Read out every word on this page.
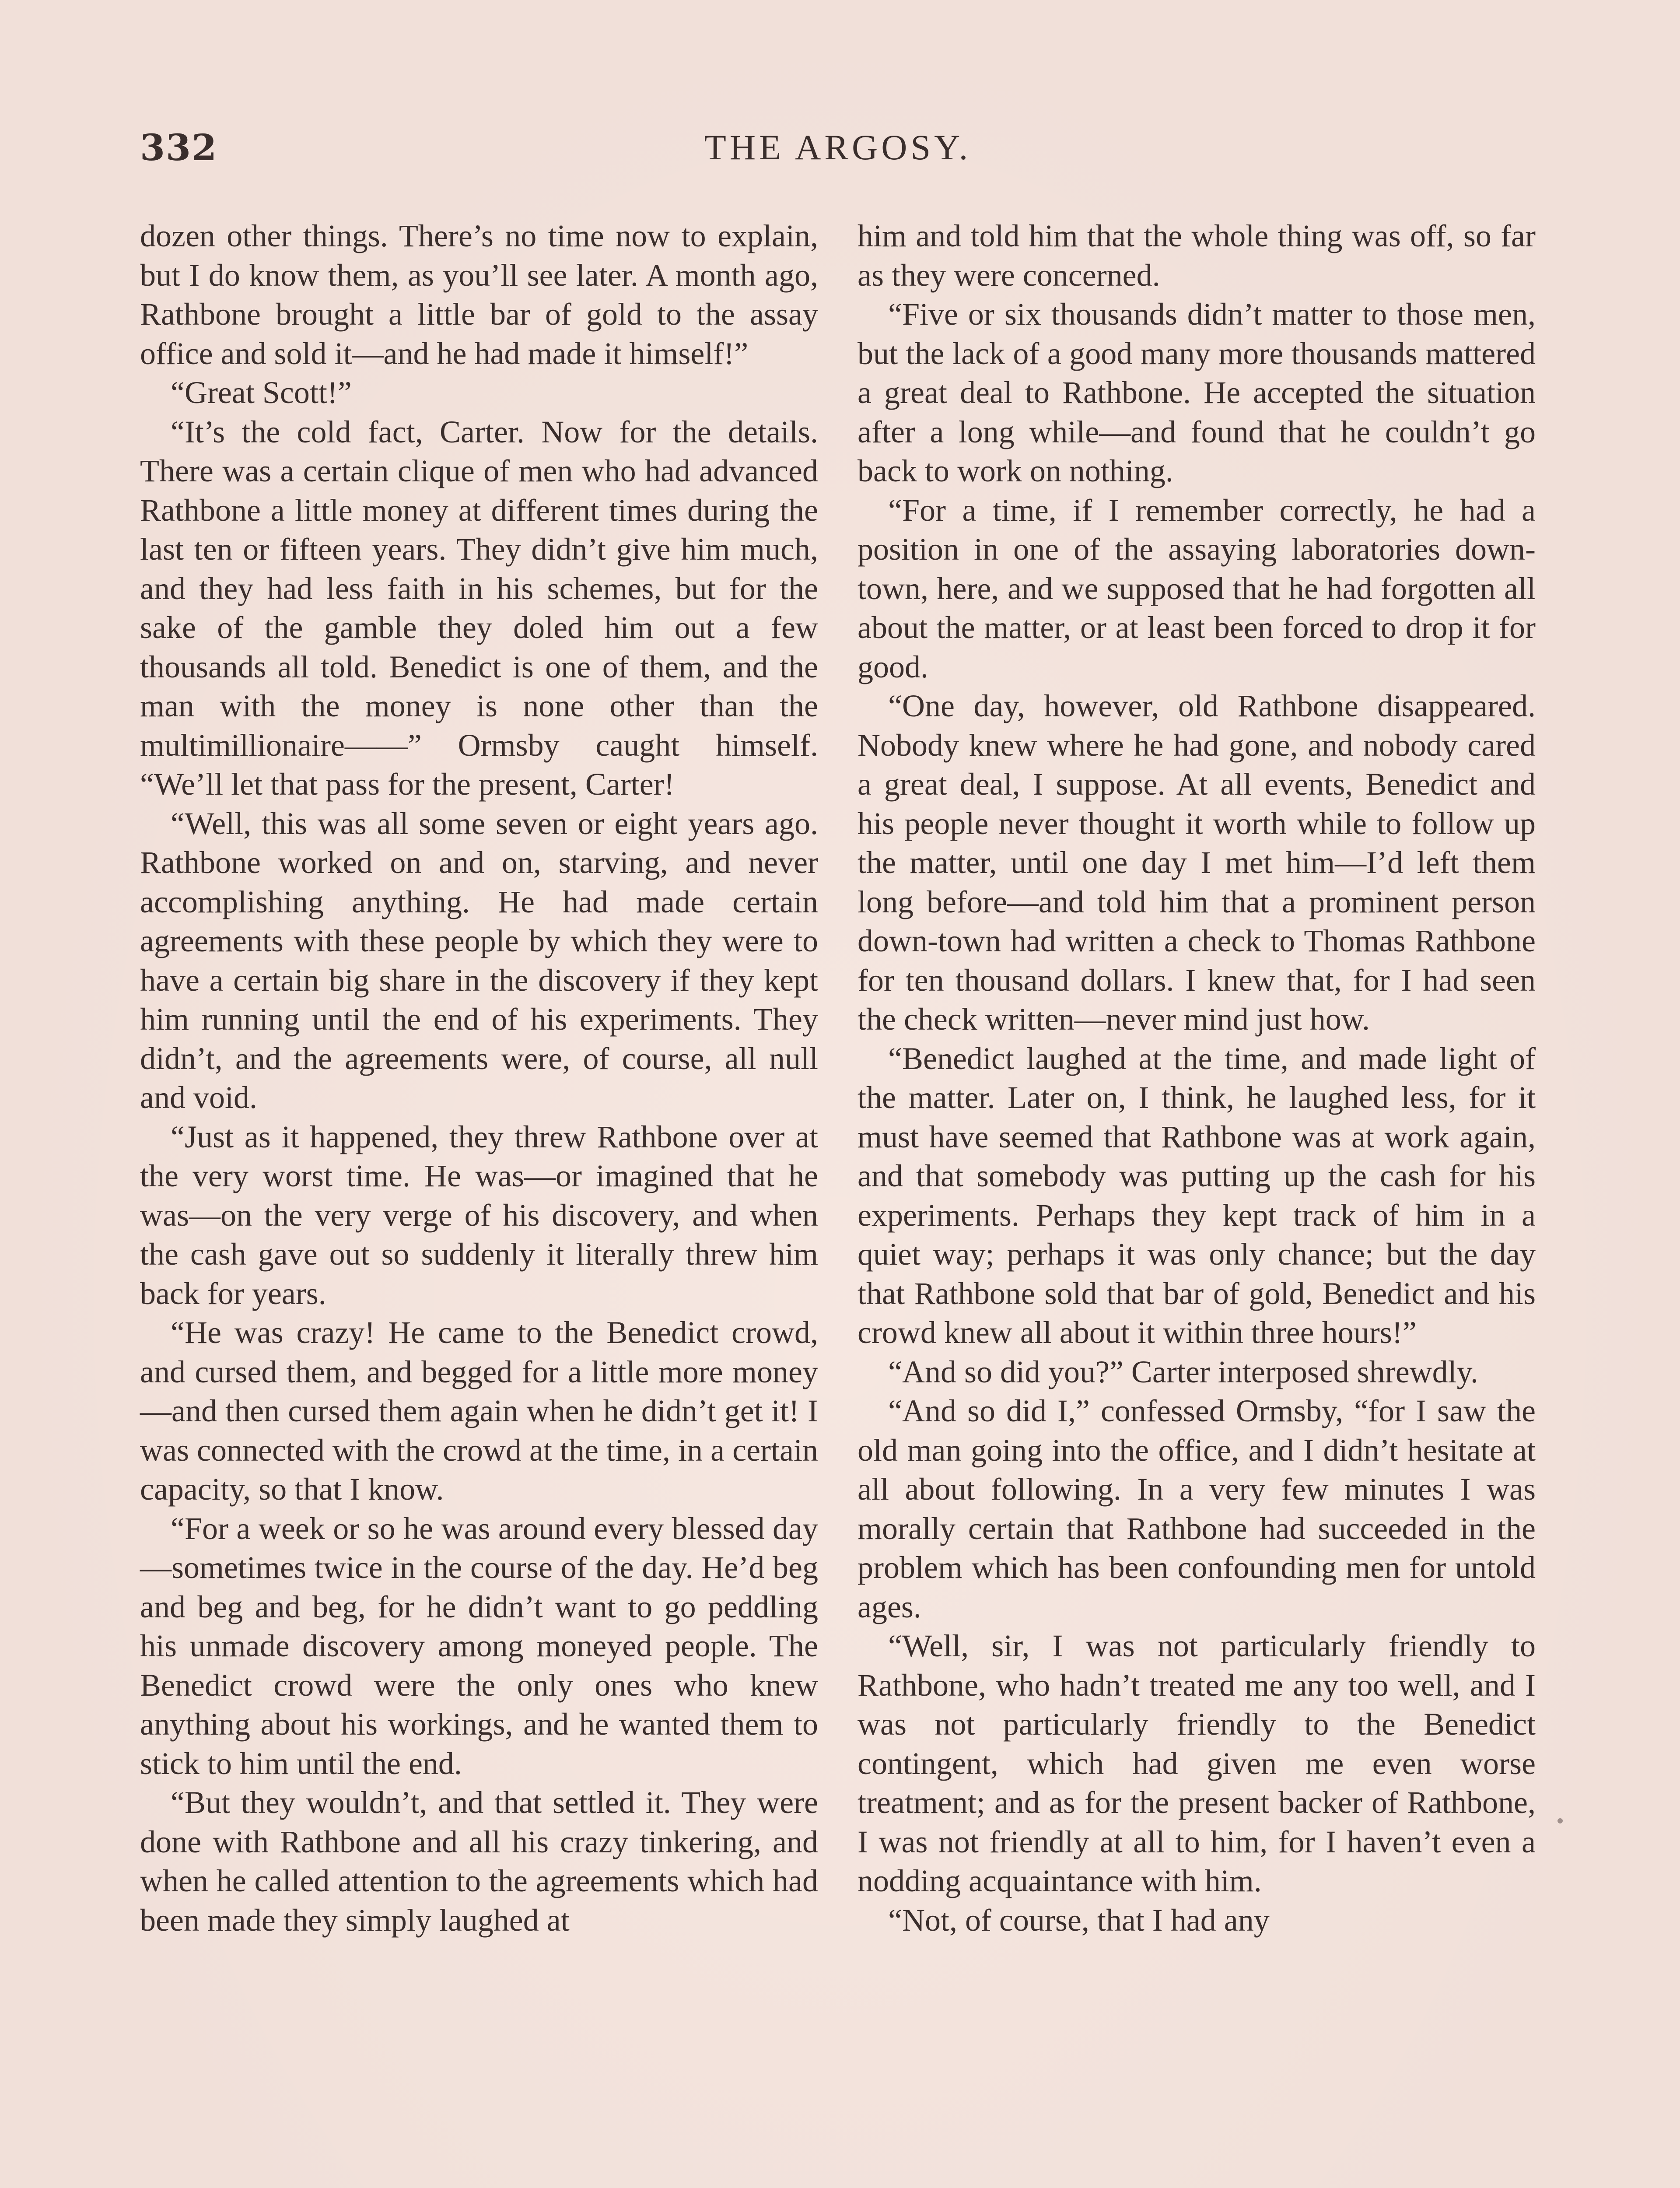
332	THE ARGOSY.

dozen other things. There’s no time now to explain, but I do know them, as you’ll see later. A month ago, Rathbone brought a little bar of gold to the assay office and sold it—and he had made it himself!”

“Great Scott!”

“It’s the cold fact, Carter. Now for the details. There was a certain clique of men who had advanced Rathbone a little money at different times during the last ten or fifteen years. They didn’t give him much, and they had less faith in his schemes, but for the sake of the gamble they doled him out a few thousands all told. Benedict is one of them, and the man with the money is none other than the multimillionaire——” Ormsby caught himself. “We’ll let that pass for the present, Carter!

“Well, this was all some seven or eight years ago. Rathbone worked on and on, starving, and never accomplishing anything. He had made certain agreements with these people by which they were to have a certain big share in the discovery if they kept him running until the end of his experiments. They didn’t, and the agreements were, of course, all null and void.

“Just as it happened, they threw Rathbone over at the very worst time. He was—or imagined that he was—on the very verge of his discovery, and when the cash gave out so suddenly it literally threw him back for years.

“He was crazy! He came to the Benedict crowd, and cursed them, and begged for a little more money—and then cursed them again when he didn’t get it! I was connected with the crowd at the time, in a certain capacity, so that I know.

“For a week or so he was around every blessed day—sometimes twice in the course of the day. He’d beg and beg and beg, for he didn’t want to go peddling his unmade discovery among moneyed people. The Benedict crowd were the only ones who knew anything about his workings, and he wanted them to stick to him until the end.

“But they wouldn’t, and that settled it. They were done with Rathbone and all his crazy tinkering, and when he called attention to the agreements which had been made they simply laughed at

him and told him that the whole thing was off, so far as they were concerned.

“Five or six thousands didn’t matter to those men, but the lack of a good many more thousands mattered a great deal to Rathbone. He accepted the situation after a long while—and found that he couldn’t go back to work on nothing.

“For a time, if I remember correctly, he had a position in one of the assaying laboratories down-town, here, and we supposed that he had forgotten all about the matter, or at least been forced to drop it for good.

“One day, however, old Rathbone disappeared. Nobody knew where he had gone, and nobody cared a great deal, I suppose. At all events, Benedict and his people never thought it worth while to follow up the matter, until one day I met him—I’d left them long before—and told him that a prominent person down-town had written a check to Thomas Rathbone for ten thousand dollars. I knew that, for I had seen the check written—never mind just how.

“Benedict laughed at the time, and made light of the matter. Later on, I think, he laughed less, for it must have seemed that Rathbone was at work again, and that somebody was putting up the cash for his experiments. Perhaps they kept track of him in a quiet way; perhaps it was only chance; but the day that Rathbone sold that bar of gold, Benedict and his crowd knew all about it within three hours!”

“And so did you?” Carter interposed shrewdly.

“And so did I,” confessed Ormsby, “for I saw the old man going into the office, and I didn’t hesitate at all about following. In a very few minutes I was morally certain that Rathbone had succeeded in the problem which has been confounding men for untold ages.

“Well, sir, I was not particularly friendly to Rathbone, who hadn’t treated me any too well, and I was not particularly friendly to the Benedict contingent, which had given me even worse treatment; and as for the present backer of Rathbone, I was not friendly at all to him, for I haven’t even a nodding acquaintance with him.

“Not, of course, that I had any
